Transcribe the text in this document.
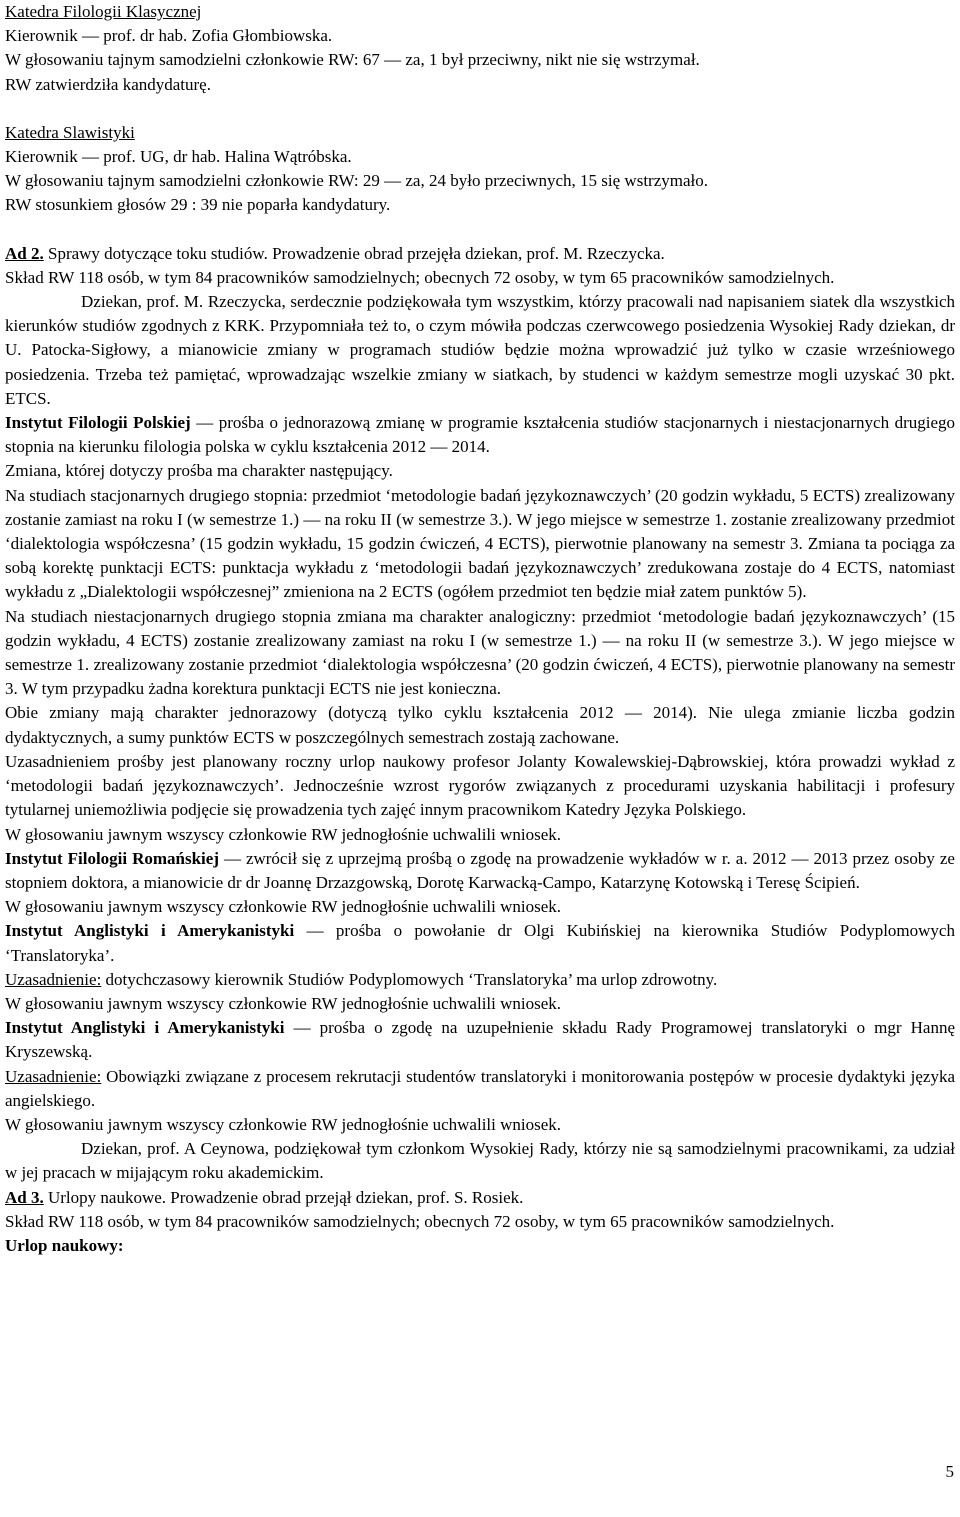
Katedra Filologii Klasycznej

Kierownik — prof. dr hab. Zofia Głombiowska.

W głosowaniu tajnym samodzielni członkowie RW: 67 — za, 1 był przeciwny, nikt nie się wstrzymał.

RW zatwierdziła kandydaturę.

Katedra Slawistyki

Kierownik — prof. UG, dr hab. Halina Wątróbska.

W głosowaniu tajnym samodzielni członkowie RW: 29 — za, 24 było przeciwnych, 15 się wstrzymało.

RW stosunkiem głosów 29 : 39 nie poparła kandydatury.

Ad 2. Sprawy dotyczące toku studiów. Prowadzenie obrad przejęła dziekan, prof. M. Rzeczycka.

Skład RW 118 osób, w tym 84 pracowników samodzielnych; obecnych 72 osoby, w tym 65 pracowników samodzielnych.

Dziekan, prof. M. Rzeczycka, serdecznie podziękowała tym wszystkim, którzy pracowali nad napisaniem siatek dla wszystkich kierunków studiów zgodnych z KRK. Przypomniała też to, o czym mówiła podczas czerwcowego posiedzenia Wysokiej Rady dziekan, dr U. Patocka-Sigłowy, a mianowicie zmiany w programach studiów będzie można wprowadzić już tylko w czasie wrześniowego posiedzenia. Trzeba też pamiętać, wprowadzając wszelkie zmiany w siatkach, by studenci w każdym semestrze mogli uzyskać 30 pkt. ETCS.

Instytut Filologii Polskiej — prośba o jednorazową zmianę w programie kształcenia studiów stacjonarnych i niestacjonarnych drugiego stopnia na kierunku filologia polska w cyklu kształcenia 2012 — 2014.

Zmiana, której dotyczy prośba ma charakter następujący.

Na studiach stacjonarnych drugiego stopnia: przedmiot ‘metodologie badań językoznawczych’ (20 godzin wykładu, 5 ECTS) zrealizowany zostanie zamiast na roku I (w semestrze 1.) — na roku II (w semestrze 3.). W jego miejsce w semestrze 1. zostanie zrealizowany przedmiot ‘dialektologia współczesna’ (15 godzin wykładu, 15 godzin ćwiczeń, 4 ECTS), pierwotnie planowany na semestr 3. Zmiana ta pociąga za sobą korektę punktacji ECTS: punktacja wykładu z ‘metodologii badań językoznawczych’ zredukowana zostaje do 4 ECTS, natomiast wykładu z „Dialektologii współczesnej” zmieniona na 2 ECTS (ogółem przedmiot ten będzie miał zatem punktów 5).

Na studiach niestacjonarnych drugiego stopnia zmiana ma charakter analogiczny: przedmiot ‘metodologie badań językoznawczych’ (15 godzin wykładu, 4 ECTS) zostanie zrealizowany zamiast na roku I (w semestrze 1.) — na roku II (w semestrze 3.). W jego miejsce w semestrze 1. zrealizowany zostanie przedmiot ‘dialektologia współczesna’ (20 godzin ćwiczeń, 4 ECTS), pierwotnie planowany na semestr 3. W tym przypadku żadna korektura punktacji ECTS nie jest konieczna.

Obie zmiany mają charakter jednorazowy (dotyczą tylko cyklu kształcenia 2012 — 2014). Nie ulega zmianie liczba godzin dydaktycznych, a sumy punktów ECTS w poszczególnych semestrach zostają zachowane.

Uzasadnieniem prośby jest planowany roczny urlop naukowy profesor Jolanty Kowalewskiej-Dąbrowskiej, która prowadzi wykład z ‘metodologii badań językoznawczych’. Jednocześnie wzrost rygorów związanych z procedurami uzyskania habilitacji i profesury tytularnej uniemożliwia podjęcie się prowadzenia tych zajęć innym pracownikom Katedry Języka Polskiego.

W głosowaniu jawnym wszyscy członkowie RW jednogłośnie uchwalili wniosek.

Instytut Filologii Romańskiej — zwrócił się z uprzejmą prośbą o zgodę na prowadzenie wykładów w r. a. 2012 — 2013 przez osoby ze stopniem doktora, a mianowicie dr dr Joannę Drzazgowską, Dorotę Karwacką-Campo, Katarzynę Kotowską i Teresę Ścipień.

W głosowaniu jawnym wszyscy członkowie RW jednogłośnie uchwalili wniosek.

Instytut Anglistyki i Amerykanistyki — prośba o powołanie dr Olgi Kubińskiej na kierownika Studiów Podyplomowych ‘Translatoryka’.

Uzasadnienie: dotychczasowy kierownik Studiów Podyplomowych ‘Translatoryka’ ma urlop zdrowotny.

W głosowaniu jawnym wszyscy członkowie RW jednogłośnie uchwalili wniosek.

Instytut Anglistyki i Amerykanistyki — prośba o zgodę na uzupełnienie składu Rady Programowej translatoryki o mgr Hannę Kryszewską.

Uzasadnienie: Obowiązki związane z procesem rekrutacji studentów translatoryki i monitorowania postępów w procesie dydaktyki języka angielskiego.

W głosowaniu jawnym wszyscy członkowie RW jednogłośnie uchwalili wniosek.

Dziekan, prof. A Ceynowa, podziękował tym członkom Wysokiej Rady, którzy nie są samodzielnymi pracownikami, za udział w jej pracach w mijającym roku akademickim.

Ad 3. Urlopy naukowe. Prowadzenie obrad przejął dziekan, prof. S. Rosiek.

Skład RW 118 osób, w tym 84 pracowników samodzielnych; obecnych 72 osoby, w tym 65 pracowników samodzielnych.

Urlop naukowy:

5
